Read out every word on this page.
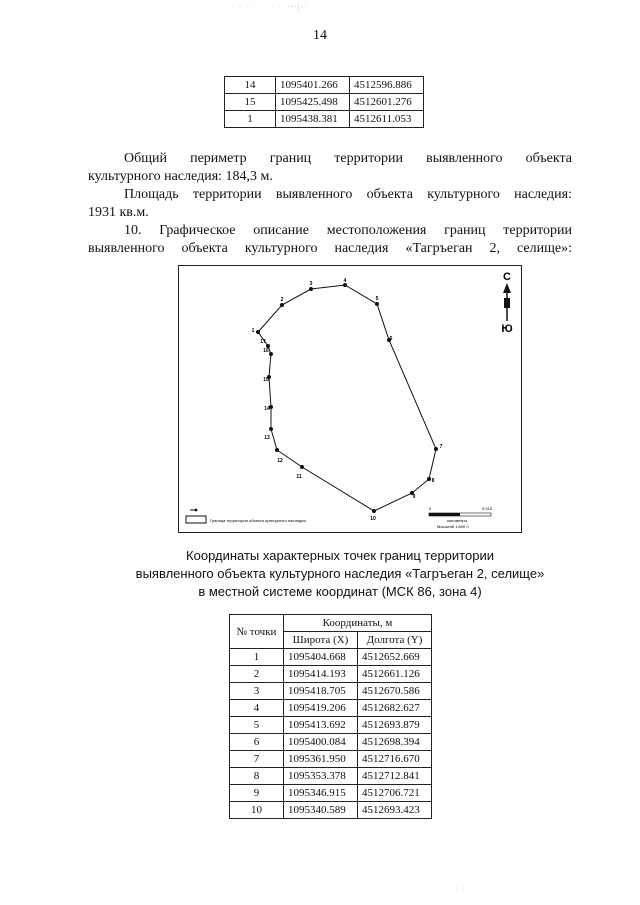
· · · ·     · ·  ·-·|-·
14
14	1095401.266	4512596.886
15	1095425.498	4512601.276
1	1095438.381	4512611.053
Общий периметр границ территории выявленного объекта
культурного наследия: 184,3 м.
Площадь территории выявленного объекта культурного наследия:
1931 кв.м.
10. Графическое описание местоположения границ территории
выявленного объекта культурного наследия «Тагръеган 2, селище»:
1
2
3	4
5
6
7
8
9
10
11
12
13
14
15
16
17
С
Ю
Граница территории объекта культурного наследия
0	0,015
километры
Масштаб 1:600 0
Координаты характерных точек границ территории
выявленного объекта культурного наследия «Тагръеган 2, селище»
в местной системе координат (МСК 86, зона 4)
№ точки	Координаты, м	
	Широта (X)	Долгота (Y)
1	1095404.668	4512652.669
2	1095414.193	4512661.126
3	1095418.705	4512670.586
4	1095419.206	4512682.627
5	1095413.692	4512693.879
6	1095400.084	4512698.394
7	1095361.950	4512716.670
8	1095353.378	4512712.841
9	1095346.915	4512706.721
10	1095340.589	4512693.423
· · · · · ·
